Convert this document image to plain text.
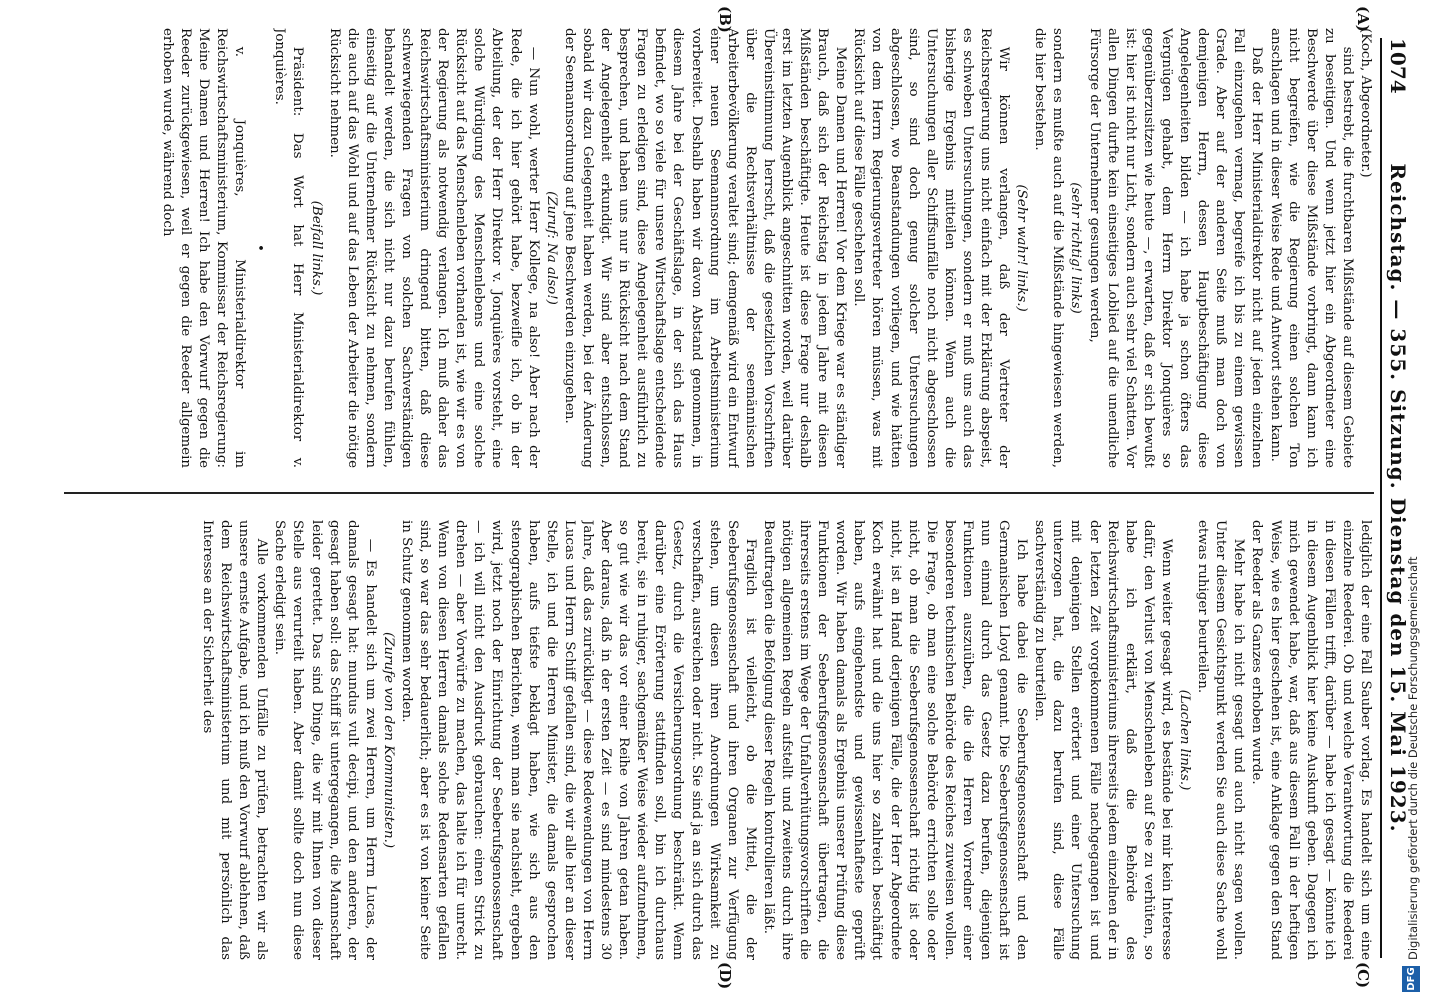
1074
Reichstag. — 355. Sitzung. Dienstag den 15. Mai 1923.
(A)
(B)
(C)
(D)

(Koch, Abgeordneter.)

sind bestrebt, die furchtbaren Mißstände auf diesem Gebiete zu beseitigen. Und wenn jetzt hier ein Abgeordneter eine Beschwerde über diese Mißstände vorbringt, dann kann ich nicht begreifen, wie die Regierung einen solchen Ton anschlagen und in dieser Weise Rede und Antwort stehen kann.

Daß der Herr Ministerialdirektor nicht auf jeden einzelnen Fall einzugehen vermag, begreife ich bis zu einem gewissen Grade. Aber auf der anderen Seite muß man doch von demjenigen Herrn, dessen Hauptbeschäftigung diese Angelegenheiten bilden — ich habe ja schon öfters das Vergnügen gehabt, dem Herrn Direktor Jonquières so gegenüberzusitzen wie heute —, erwarten, daß er sich bewußt ist: hier ist nicht nur Licht, sondern auch sehr viel Schatten. Vor allen Dingen durfte kein einseitiges Loblied auf die unendliche Fürsorge der Unternehmer gesungen werden,

(sehr richtig! links)

sondern es mußte auch auf die Mißstände hingewiesen werden, die hier bestehen.

(Sehr wahr! links.)

Wir können verlangen, daß der Vertreter der Reichsregierung uns nicht einfach mit der Erklärung abspeist, es schweben Untersuchungen, sondern er muß uns auch das bisherige Ergebnis mitteilen können. Wenn auch die Untersuchungen aller Schiffsunfälle noch nicht abgeschlossen sind, so sind doch genug solcher Untersuchungen abgeschlossen, wo Beanstandungen vorliegen, und wie hätten von dem Herrn Regierungsvertreter hören müssen, was mit Rücksicht auf diese Fälle geschehen soll.

Meine Damen und Herren! Vor dem Kriege war es ständiger Brauch, daß sich der Reichstag in jedem Jahre mit diesen Mißständen beschäftigte. Heute ist diese Frage nur deshalb erst im letzten Augenblick angeschnitten worden, weil darüber Übereinstimmung herrscht, daß die gesetzlichen Vorschriften über die Rechtsverhältnisse der seemännischen Arbeiterbevölkerung veraltet sind; demgemäß wird ein Entwurf einer neuen Seemannsordnung im Arbeitsministerium vorbereitet. Deshalb haben wir davon Abstand genommen, in diesem Jahre bei der Geschäftslage, in der sich das Haus befindet, wo so viele für unsere Wirtschaftslage entscheidende Fragen zu erledigen sind, diese Angelegenheit ausführlich zu besprechen, und haben uns nur in Rücksicht nach dem Stand der Angelegenheit erkundigt. Wir sind aber entschlossen, sobald wir dazu Gelegenheit haben werden, bei der Änderung der Seemannsordnung auf jene Beschwerden einzugehen.

(Zuruf: Na also!)

— Nun wohl, werter Herr Kollege, na also! Aber nach der Rede, die ich hier gehört habe, bezweifle ich, ob in der Abteilung, der der Herr Direktor v. Jonquières vorsteht, eine solche Würdigung des Menschenlebens und eine solche Rücksicht auf das Menschenleben vorhanden ist, wie wir es von der Regierung als notwendig verlangen. Ich muß daher das Reichswirtschaftsministerium dringend bitten, daß diese schwerwiegenden Fragen von solchen Sachverständigen behandelt werden, die sich nicht nur dazu berufen fühlen, einseitig auf die Unternehmer Rücksicht zu nehmen, sondern die auch auf das Wohl und auf das Leben der Arbeiter die nötige Rücksicht nehmen.

(Beifall links.)

Präsident: Das Wort hat Herr Ministerialdirektor v. Jonquières.

•

v. Jonquières, Ministerialdirektor im Reichswirtschaftsministerium, Kommissar der Reichsregierung: Meine Damen und Herren! Ich habe den Vorwurf gegen die Reeder zurückgewiesen, weil er gegen die Reeder allgemein erhoben wurde, während doch

lediglich der eine Fall Sauber vorlag. Es handelt sich um eine einzelne Reederei. Ob und welche Verantwortung die Reederei in diesen Fällen trifft, darüber — habe ich gesagt — könnte ich in diesem Augenblick hier keine Auskunft geben. Dagegen ich mich gewendet habe, war, daß aus diesem Fall in der heftigen Weise, wie es hier geschehen ist, eine Anklage gegen den Stand der Reeder als Ganzes erhoben wurde.

Mehr habe ich nicht gesagt und auch nicht sagen wollen. Unter diesem Gesichtspunkt werden Sie auch diese Sache wohl etwas ruhiger beurteilen.

(Lachen links.)

Wenn weiter gesagt wird, es bestände bei mir kein Interesse dafür, den Verlust von Menschenleben auf See zu verhüten, so habe ich erklärt, daß die Behörde des Reichswirtschaftsministeriums ihrerseits jedem einzelnen der in der letzten Zeit vorgekommenen Fälle nachgegangen ist und mit denjenigen Stellen erörtert und einer Untersuchung unterzogen hat, die dazu berufen sind, diese Fälle sachverständig zu beurteilen.

Ich habe dabei die Seeberufsgenossenschaft und den Germanischen Lloyd genannt. Die Seeberufsgenossenschaft ist nun einmal durch das Gesetz dazu berufen, diejenigen Funktionen auszuüben, die die Herren Vorredner einer besonderen technischen Behörde des Reiches zuweisen wollen. Die Frage, ob man eine solche Behörde errichten solle oder nicht, ob man die Seeberufsgenossenschaft richtig ist oder nicht, ist an Hand derjenigen Fälle, die der Herr Abgeordnete Koch erwähnt hat und die uns hier so zahlreich beschäftigt haben, aufs eingehendste und gewissenhafteste geprüft worden. Wir haben damals als Ergebnis unserer Prüfung diese Funktionen der Seeberufsgenossenschaft übertragen, die ihrerseits erstens im Wege der Unfallverhütungsvorschriften die nötigen allgemeinen Regeln aufstellt und zweitens durch ihre Beauftragten die Befolgung dieser Regeln kontrollieren läßt.

Fraglich ist vielleicht, ob die Mittel, die der Seeberufsgenossenschaft und ihren Organen zur Verfügung stehen, um diesen ihren Anordnungen Wirksamkeit zu verschaffen, ausreichen oder nicht. Sie sind ja an sich durch das Gesetz, durch die Versicherungsordnung beschränkt. Wenn darüber eine Erörterung stattfinden soll, bin ich durchaus bereit, sie in ruhiger, sachgemäßer Weise wieder aufzunehmen, so gut wie wir das vor einer Reihe von Jahren getan haben. Aber daraus, daß in der ersten Zeit — es sind mindestens 30 Jahre, daß das zurückliegt — diese Redewendungen von Herrn Lucas und Herrn Schiff gefallen sind, die wir alle hier an dieser Stelle, ich und die Herren Minister, die damals gesprochen haben, aufs tiefste beklagt haben, wie sich aus den stenographischen Berichten, wenn man sie nachsieht, ergeben wird, jetzt noch der Einrichtung der Seeberufsgenossenschaft — ich will nicht den Ausdruck gebrauchen: einen Strick zu drehen — aber Vorwürfe zu machen, das halte ich für unrecht. Wenn von diesen Herren damals solche Redensarten gefallen sind, so war das sehr bedauerlich; aber es ist von keiner Seite in Schutz genommen worden.

(Zurufe von den Kommunisten.)

— Es handelt sich um zwei Herren, um Herrn Lucas, der damals gesagt hat: mundus vult decipi, und den anderen, der gesagt haben soll: das Schiff ist untergegangen, die Mannschaft leider gerettet. Das sind Dinge, die wir mit Ihnen von dieser Stelle aus verurteilt haben. Aber damit sollte doch nun diese Sache erledigt sein.

Alle vorkommenden Unfälle zu prüfen, betrachten wir als unsere ernste Aufgabe, und ich muß den Vorwurf ablehnen, daß dem Reichswirtschaftsministerium und mit persönlich das Interesse an der Sicherheit des

DFG
Digitalisierung gefördert durch die Deutsche Forschungsgemeinschaft
